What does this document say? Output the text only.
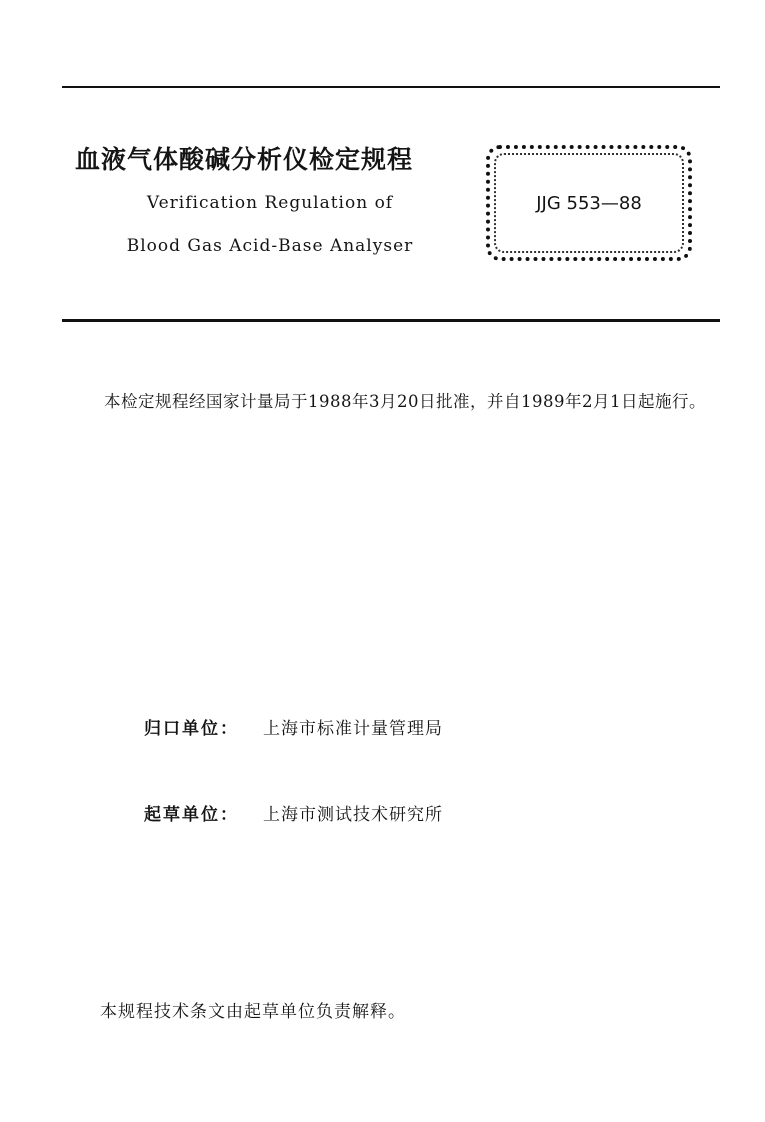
血液气体酸碱分析仪检定规程
Verification Regulation of
Blood Gas Acid-Base Analyser
JJG 553—88
本检定规程经国家计量局于1988年3月20日批准，并自1989年2月1日起施行。
归口单位： 上海市标准计量管理局
起草单位： 上海市测试技术研究所
本规程技术条文由起草单位负责解释。
